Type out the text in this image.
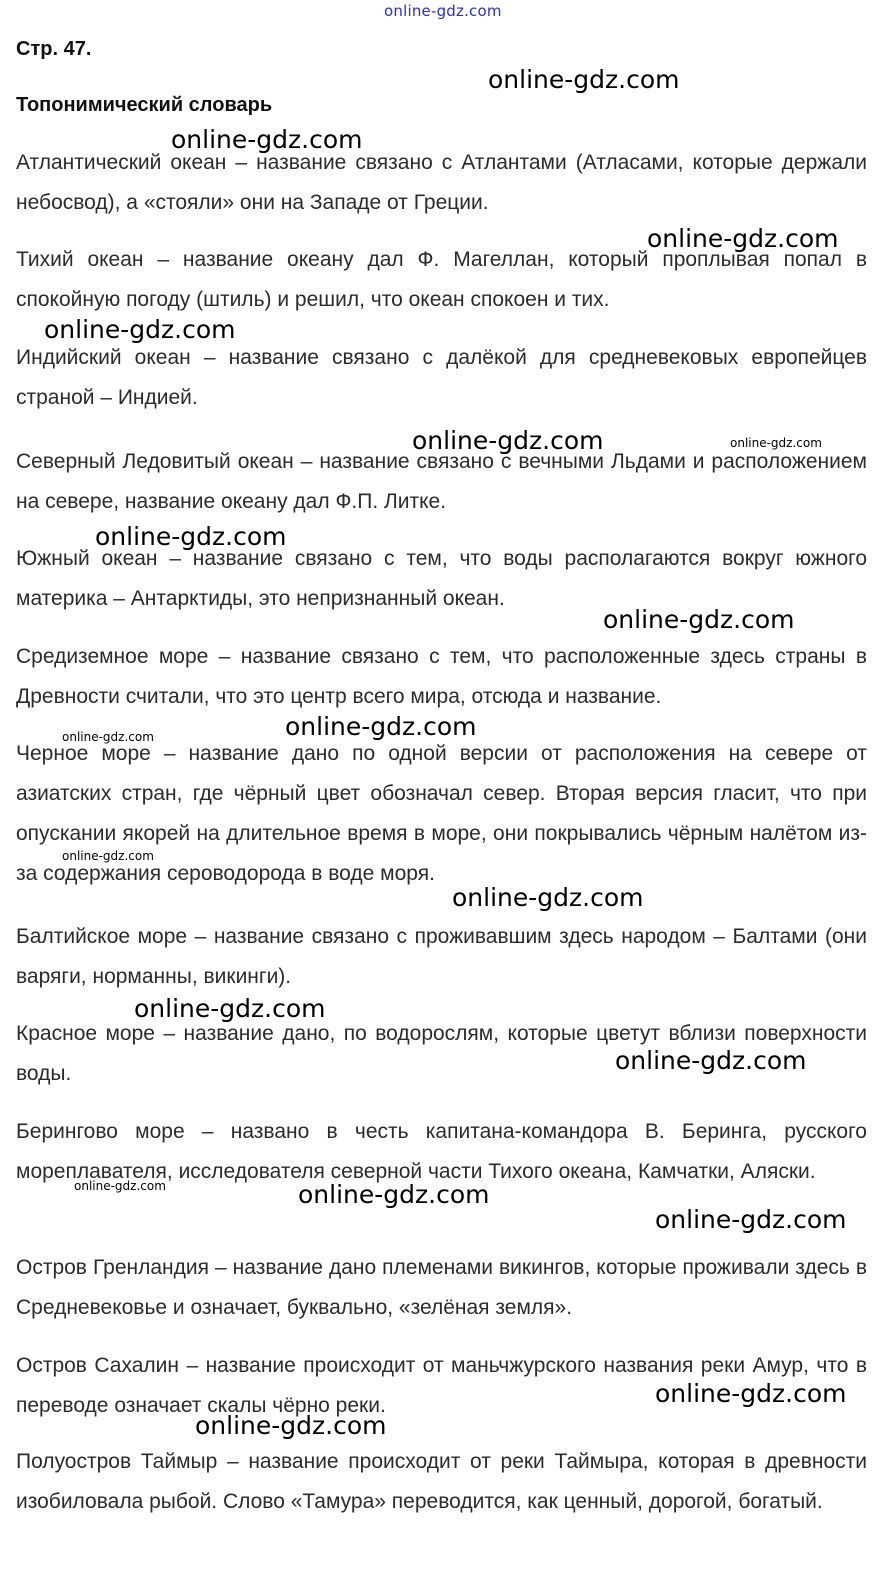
online-gdz.com
Стр. 47.
Топонимический словарь
Атлантический океан – название связано с Атлантами (Атласами, которые держали небосвод), а «стояли» они на Западе от Греции.
Тихий океан – название океану дал Ф. Магеллан, который проплывая попал в спокойную погоду (штиль) и решил, что океан спокоен и тих.
Индийский океан – название связано с далёкой для средневековых европейцев страной – Индией.
Северный Ледовитый океан – название связано с вечными Льдами и расположением на севере, название океану дал Ф.П. Литке.
Южный океан – название связано с тем, что воды располагаются вокруг южного материка – Антарктиды, это непризнанный океан.
Средиземное море – название связано с тем, что расположенные здесь страны в Древности считали, что это центр всего мира, отсюда и название.
Черное море – название дано по одной версии от расположения на севере от азиатских стран, где чёрный цвет обозначал север. Вторая версия гласит, что при опускании якорей на длительное время в море, они покрывались чёрным налётом из-за содержания сероводорода в воде моря.
Балтийское море – название связано с проживавшим здесь народом – Балтами (они варяги, норманны, викинги).
Красное море – название дано, по водорослям, которые цветут вблизи поверхности воды.
Берингово море – названо в честь капитана-командора В. Беринга, русского мореплавателя, исследователя северной части Тихого океана, Камчатки, Аляски.
Остров Гренландия – название дано племенами викингов, которые проживали здесь в Средневековье и означает, буквально, «зелёная земля».
Остров Сахалин – название происходит от маньчжурского названия реки Амур, что в переводе означает скалы чёрно реки.
Полуостров Таймыр – название происходит от реки Таймыра, которая в древности изобиловала рыбой. Слово «Тамура» переводится, как ценный, дорогой, богатый.
online-gdz.com
online-gdz.com
online-gdz.com
online-gdz.com
online-gdz.com	online-gdz.com
online-gdz.com
online-gdz.com
online-gdz.com
online-gdz.com
online-gdz.com
online-gdz.com
online-gdz.com
online-gdz.com
online-gdz.com	online-gdz.com
online-gdz.com
online-gdz.com
online-gdz.com
